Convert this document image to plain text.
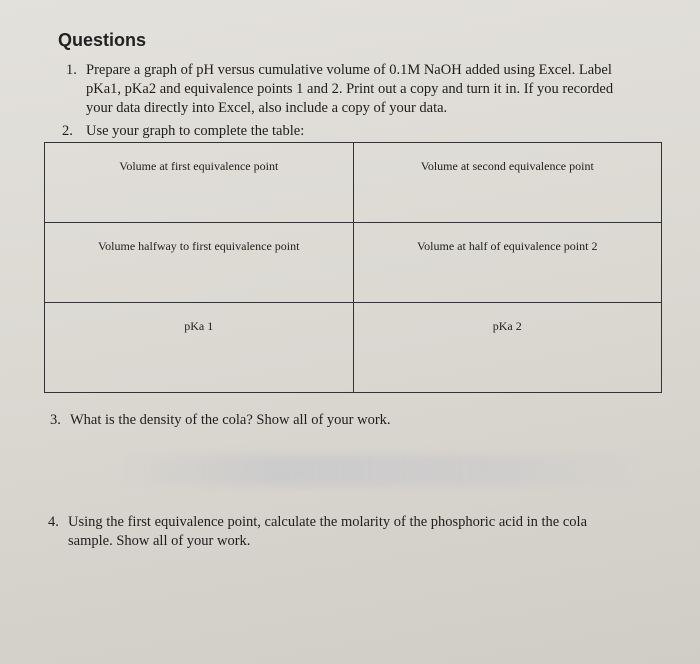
Questions
1. Prepare a graph of pH versus cumulative volume of 0.1M NaOH added using Excel. Label
pKa1, pKa2 and equivalence points 1 and 2. Print out a copy and turn it in. If you recorded
your data directly into Excel, also include a copy of your data.
2. Use your graph to complete the table:
Volume at first equivalence point	Volume at second equivalence point
Volume halfway to first equivalence point	Volume at half of equivalence point 2
pKa 1	pKa 2
3. What is the density of the cola? Show all of your work.
4. Using the first equivalence point, calculate the molarity of the phosphoric acid in the cola
sample. Show all of your work.
